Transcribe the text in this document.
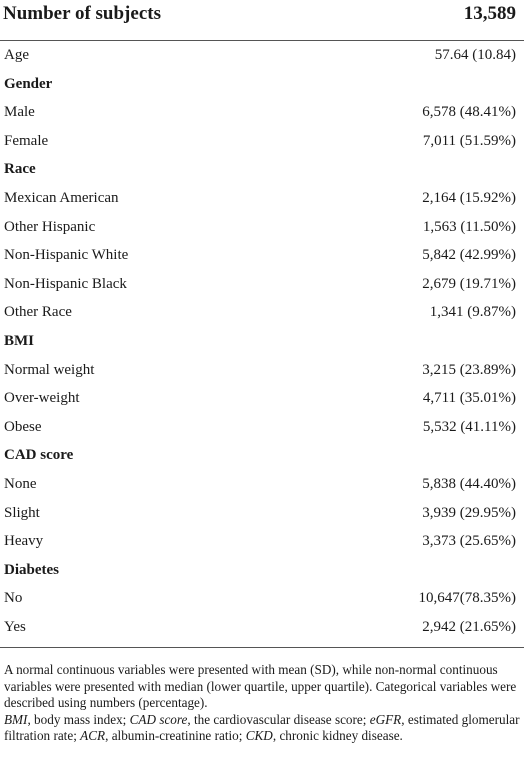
Number of subjects	13,589
Age	57.64 (10.84)
Gender
Male	6,578 (48.41%)
Female	7,011 (51.59%)
Race
Mexican American	2,164 (15.92%)
Other Hispanic	1,563 (11.50%)
Non-Hispanic White	5,842 (42.99%)
Non-Hispanic Black	2,679 (19.71%)
Other Race	1,341 (9.87%)
BMI
Normal weight	3,215 (23.89%)
Over-weight	4,711 (35.01%)
Obese	5,532 (41.11%)
CAD score
None	5,838 (44.40%)
Slight	3,939 (29.95%)
Heavy	3,373 (25.65%)
Diabetes
No	10,647(78.35%)
Yes	2,942 (21.65%)

A normal continuous variables were presented with mean (SD), while non-normal continuous variables were presented with median (lower quartile, upper quartile). Categorical variables were described using numbers (percentage).

BMI, body mass index; CAD score, the cardiovascular disease score; eGFR, estimated glomerular filtration rate; ACR, albumin-creatinine ratio; CKD, chronic kidney disease.
